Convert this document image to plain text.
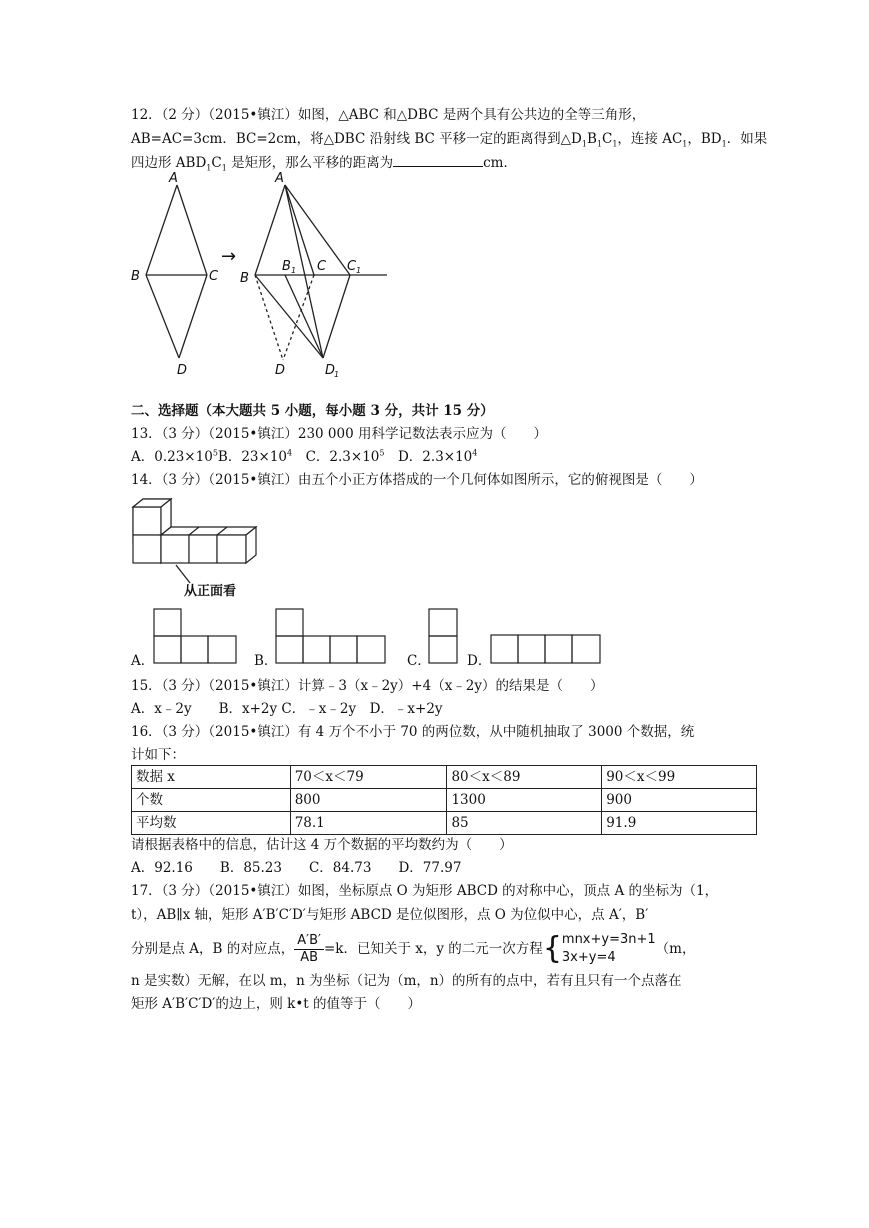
12．（2 分）（2015•镇江）如图，△ABC 和△DBC 是两个具有公共边的全等三角形，
AB=AC=3cm．BC=2cm，将△DBC 沿射线 BC 平移一定的距离得到$\triangle D_1B_1C_1$，连接 $AC_1$，$BD_1$．如果
四边形 $ABD_1C_1$ 是矩形，那么平移的距离为	cm．
A
B	C
D
→
A
B
B 1 C C 1
D	D
1
二、选择题（本大题共 5 小题，每小题 3 分，共计 15 分）
13．（3 分）（2015•镇江）230 000 用科学记数法表示应为（　　）
A．$0.23\times 10^5B$．$23\times 10^4$　 C．$2.3\times 10^5$　 D．$2.3\times 10^4$
14．（3 分）（2015•镇江）由五个小正方体搭成的一个几何体如图所示，它的俯视图是（　　）
从正面看
A．	B．	C．	D．
15．（3 分）（2015•镇江）计算﹣3（x﹣2y）+4（x﹣2y）的结果是（　　）
A．x﹣2y　　B．x+2y C．﹣x﹣2y　D．﹣x+2y
16．（3 分）（2015•镇江）有 4 万个不小于 70 的两位数，从中随机抽取了 3000 个数据，统
计如下：
数据 x	70＜x＜79	80＜x＜89	90＜x＜99
个数	800	1300	900
平均数	78.1	85	91.9
请根据表格中的信息，估计这 4 万个数据的平均数约为（　　）
A．92.16　　B．85.23　　C．84.73　　D．77.97
17．（3 分）（2015•镇江）如图，坐标原点 O 为矩形 ABCD 的对称中心，顶点 A 的坐标为（1，
t），AB∥x 轴，矩形 A′B′C′D′与矩形 ABCD 是位似图形，点 O 为位似中心，点 A′，B′
分别是点 A，B 的对应点， $\frac{A'B'}{AB} =k$．已知关于 x，y 的二元一次方程{ mnx+y=3n+1
3x+y=4
（m，
n 是实数）无解，在以 m，n 为坐标（记为（m，n）的所有的点中，若有且只有一个点落在
矩形 A′B′C′D′的边上，则 k•t 的值等于（　　）
